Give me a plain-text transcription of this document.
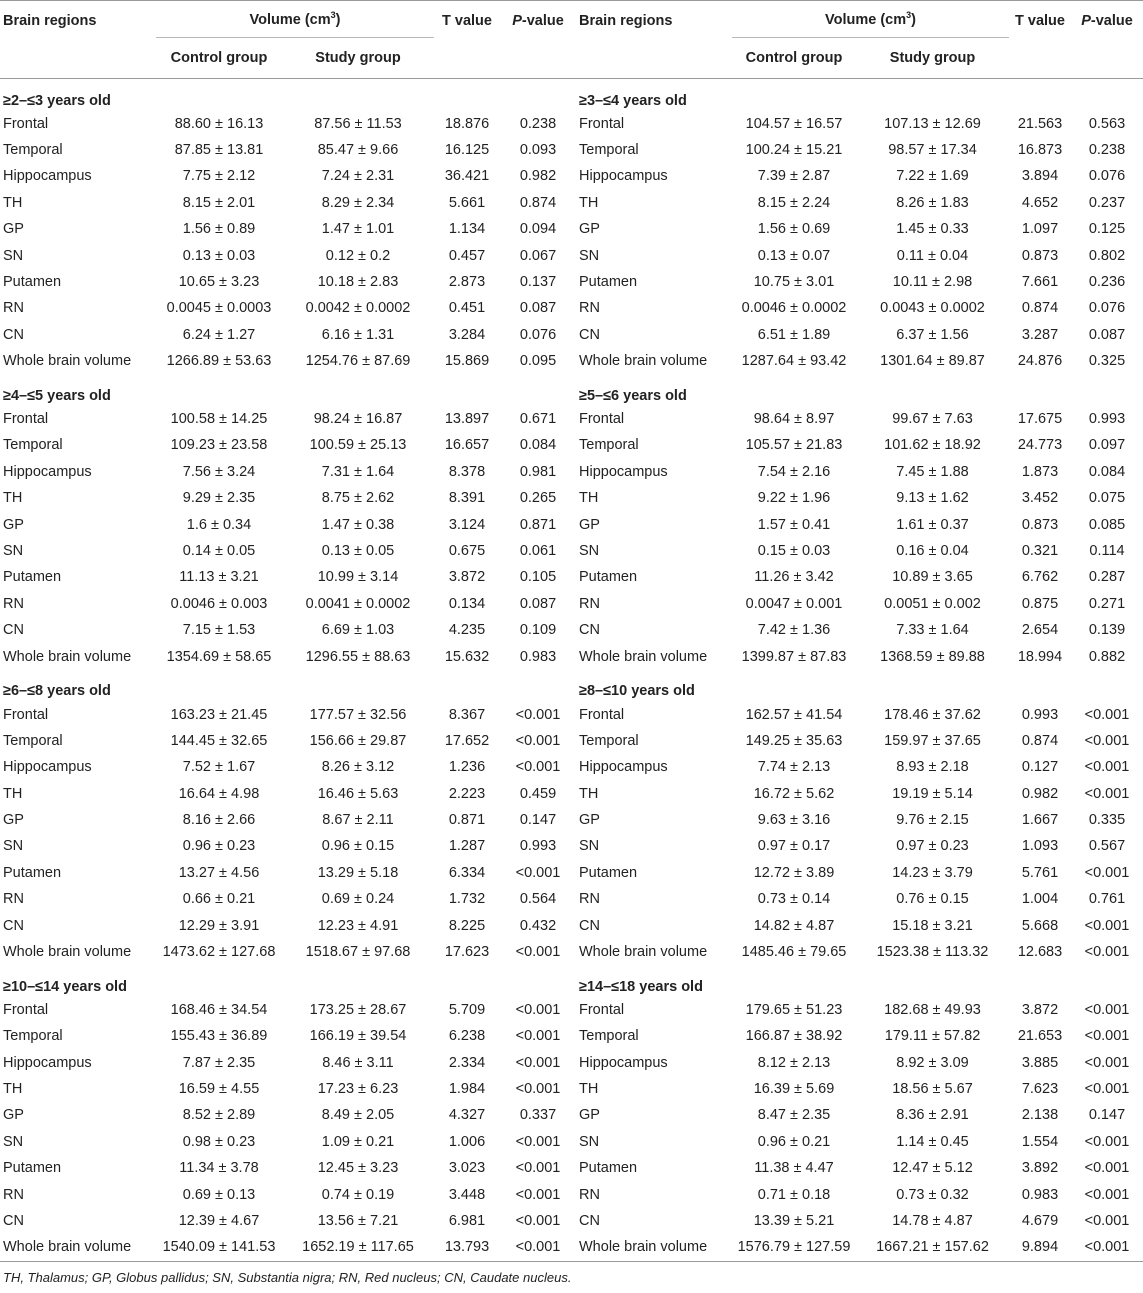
Brain regions	Volume $(cm^3)$		T value	P-value	Brain regions	Volume $(cm^3)$		T value	P-value
	Control group	Study group				Control group	Study group		
≥2–≤3 years old					≥3–≤4 years old				
Frontal	88.60 ± 16.13	87.56 ± 11.53	18.876	0.238	Frontal	104.57 ± 16.57	107.13 ± 12.69	21.563	0.563
Temporal	87.85 ± 13.81	85.47 ± 9.66	16.125	0.093	Temporal	100.24 ± 15.21	98.57 ± 17.34	16.873	0.238
Hippocampus	7.75 ± 2.12	7.24 ± 2.31	36.421	0.982	Hippocampus	7.39 ± 2.87	7.22 ± 1.69	3.894	0.076
TH	8.15 ± 2.01	8.29 ± 2.34	5.661	0.874	TH	8.15 ± 2.24	8.26 ± 1.83	4.652	0.237
GP	1.56 ± 0.89	1.47 ± 1.01	1.134	0.094	GP	1.56 ± 0.69	1.45 ± 0.33	1.097	0.125
SN	0.13 ± 0.03	0.12 ± 0.2	0.457	0.067	SN	0.13 ± 0.07	0.11 ± 0.04	0.873	0.802
Putamen	10.65 ± 3.23	10.18 ± 2.83	2.873	0.137	Putamen	10.75 ± 3.01	10.11 ± 2.98	7.661	0.236
RN	0.0045 ± 0.0003	0.0042 ± 0.0002	0.451	0.087	RN	0.0046 ± 0.0002	0.0043 ± 0.0002	0.874	0.076
CN	6.24 ± 1.27	6.16 ± 1.31	3.284	0.076	CN	6.51 ± 1.89	6.37 ± 1.56	3.287	0.087
Whole brain volume	1266.89 ± 53.63	1254.76 ± 87.69	15.869	0.095	Whole brain volume	1287.64 ± 93.42	1301.64 ± 89.87	24.876	0.325
≥4–≤5 years old					≥5–≤6 years old				
Frontal	100.58 ± 14.25	98.24 ± 16.87	13.897	0.671	Frontal	98.64 ± 8.97	99.67 ± 7.63	17.675	0.993
Temporal	109.23 ± 23.58	100.59 ± 25.13	16.657	0.084	Temporal	105.57 ± 21.83	101.62 ± 18.92	24.773	0.097
Hippocampus	7.56 ± 3.24	7.31 ± 1.64	8.378	0.981	Hippocampus	7.54 ± 2.16	7.45 ± 1.88	1.873	0.084
TH	9.29 ± 2.35	8.75 ± 2.62	8.391	0.265	TH	9.22 ± 1.96	9.13 ± 1.62	3.452	0.075
GP	1.6 ± 0.34	1.47 ± 0.38	3.124	0.871	GP	1.57 ± 0.41	1.61 ± 0.37	0.873	0.085
SN	0.14 ± 0.05	0.13 ± 0.05	0.675	0.061	SN	0.15 ± 0.03	0.16 ± 0.04	0.321	0.114
Putamen	11.13 ± 3.21	10.99 ± 3.14	3.872	0.105	Putamen	11.26 ± 3.42	10.89 ± 3.65	6.762	0.287
RN	0.0046 ± 0.003	0.0041 ± 0.0002	0.134	0.087	RN	0.0047 ± 0.001	0.0051 ± 0.002	0.875	0.271
CN	7.15 ± 1.53	6.69 ± 1.03	4.235	0.109	CN	7.42 ± 1.36	7.33 ± 1.64	2.654	0.139
Whole brain volume	1354.69 ± 58.65	1296.55 ± 88.63	15.632	0.983	Whole brain volume	1399.87 ± 87.83	1368.59 ± 89.88	18.994	0.882
≥6–≤8 years old					≥8–≤10 years old				
Frontal	163.23 ± 21.45	177.57 ± 32.56	8.367	<0.001	Frontal	162.57 ± 41.54	178.46 ± 37.62	0.993	<0.001
Temporal	144.45 ± 32.65	156.66 ± 29.87	17.652	<0.001	Temporal	149.25 ± 35.63	159.97 ± 37.65	0.874	<0.001
Hippocampus	7.52 ± 1.67	8.26 ± 3.12	1.236	<0.001	Hippocampus	7.74 ± 2.13	8.93 ± 2.18	0.127	<0.001
TH	16.64 ± 4.98	16.46 ± 5.63	2.223	0.459	TH	16.72 ± 5.62	19.19 ± 5.14	0.982	<0.001
GP	8.16 ± 2.66	8.67 ± 2.11	0.871	0.147	GP	9.63 ± 3.16	9.76 ± 2.15	1.667	0.335
SN	0.96 ± 0.23	0.96 ± 0.15	1.287	0.993	SN	0.97 ± 0.17	0.97 ± 0.23	1.093	0.567
Putamen	13.27 ± 4.56	13.29 ± 5.18	6.334	<0.001	Putamen	12.72 ± 3.89	14.23 ± 3.79	5.761	<0.001
RN	0.66 ± 0.21	0.69 ± 0.24	1.732	0.564	RN	0.73 ± 0.14	0.76 ± 0.15	1.004	0.761
CN	12.29 ± 3.91	12.23 ± 4.91	8.225	0.432	CN	14.82 ± 4.87	15.18 ± 3.21	5.668	<0.001
Whole brain volume	1473.62 ± 127.68	1518.67 ± 97.68	17.623	<0.001	Whole brain volume	1485.46 ± 79.65	1523.38 ± 113.32	12.683	<0.001
≥10–≤14 years old					≥14–≤18 years old				
Frontal	168.46 ± 34.54	173.25 ± 28.67	5.709	<0.001	Frontal	179.65 ± 51.23	182.68 ± 49.93	3.872	<0.001
Temporal	155.43 ± 36.89	166.19 ± 39.54	6.238	<0.001	Temporal	166.87 ± 38.92	179.11 ± 57.82	21.653	<0.001
Hippocampus	7.87 ± 2.35	8.46 ± 3.11	2.334	<0.001	Hippocampus	8.12 ± 2.13	8.92 ± 3.09	3.885	<0.001
TH	16.59 ± 4.55	17.23 ± 6.23	1.984	<0.001	TH	16.39 ± 5.69	18.56 ± 5.67	7.623	<0.001
GP	8.52 ± 2.89	8.49 ± 2.05	4.327	0.337	GP	8.47 ± 2.35	8.36 ± 2.91	2.138	0.147
SN	0.98 ± 0.23	1.09 ± 0.21	1.006	<0.001	SN	0.96 ± 0.21	1.14 ± 0.45	1.554	<0.001
Putamen	11.34 ± 3.78	12.45 ± 3.23	3.023	<0.001	Putamen	11.38 ± 4.47	12.47 ± 5.12	3.892	<0.001
RN	0.69 ± 0.13	0.74 ± 0.19	3.448	<0.001	RN	0.71 ± 0.18	0.73 ± 0.32	0.983	<0.001
CN	12.39 ± 4.67	13.56 ± 7.21	6.981	<0.001	CN	13.39 ± 5.21	14.78 ± 4.87	4.679	<0.001
Whole brain volume	1540.09 ± 141.53	1652.19 ± 117.65	13.793	<0.001	Whole brain volume	1576.79 ± 127.59	1667.21 ± 157.62	9.894	<0.001
TH, Thalamus; GP, Globus pallidus; SN, Substantia nigra; RN, Red nucleus; CN, Caudate nucleus.
